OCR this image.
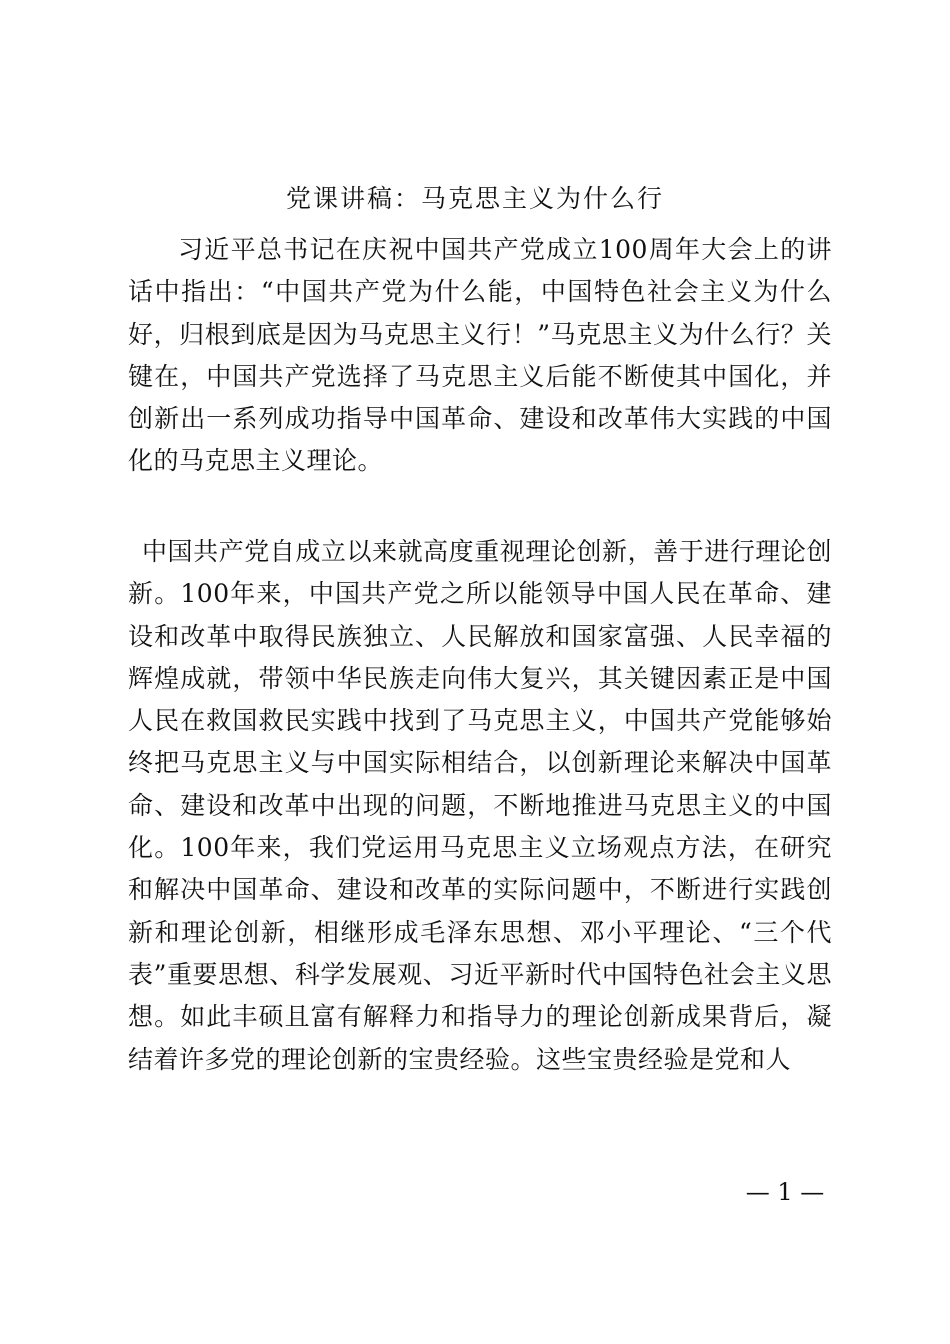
党课讲稿：马克思主义为什么行
习近平总书记在庆祝中国共产党成立100周年大会上的讲话中指出：“中国共产党为什么能，中国特色社会主义为什么好，归根到底是因为马克思主义行！”马克思主义为什么行？关键在，中国共产党选择了马克思主义后能不断使其中国化，并创新出一系列成功指导中国革命、建设和改革伟大实践的中国化的马克思主义理论。
中国共产党自成立以来就高度重视理论创新，善于进行理论创新。100年来，中国共产党之所以能领导中国人民在革命、建设和改革中取得民族独立、人民解放和国家富强、人民幸福的辉煌成就，带领中华民族走向伟大复兴，其关键因素正是中国人民在救国救民实践中找到了马克思主义，中国共产党能够始终把马克思主义与中国实际相结合，以创新理论来解决中国革命、建设和改革中出现的问题，不断地推进马克思主义的中国化。100年来，我们党运用马克思主义立场观点方法，在研究和解决中国革命、建设和改革的实际问题中，不断进行实践创新和理论创新，相继形成毛泽东思想、邓小平理论、“三个代表”重要思想、科学发展观、习近平新时代中国特色社会主义思想。如此丰硕且富有解释力和指导力的理论创新成果背后，凝结着许多党的理论创新的宝贵经验。这些宝贵经验是党和人
— 1 —
